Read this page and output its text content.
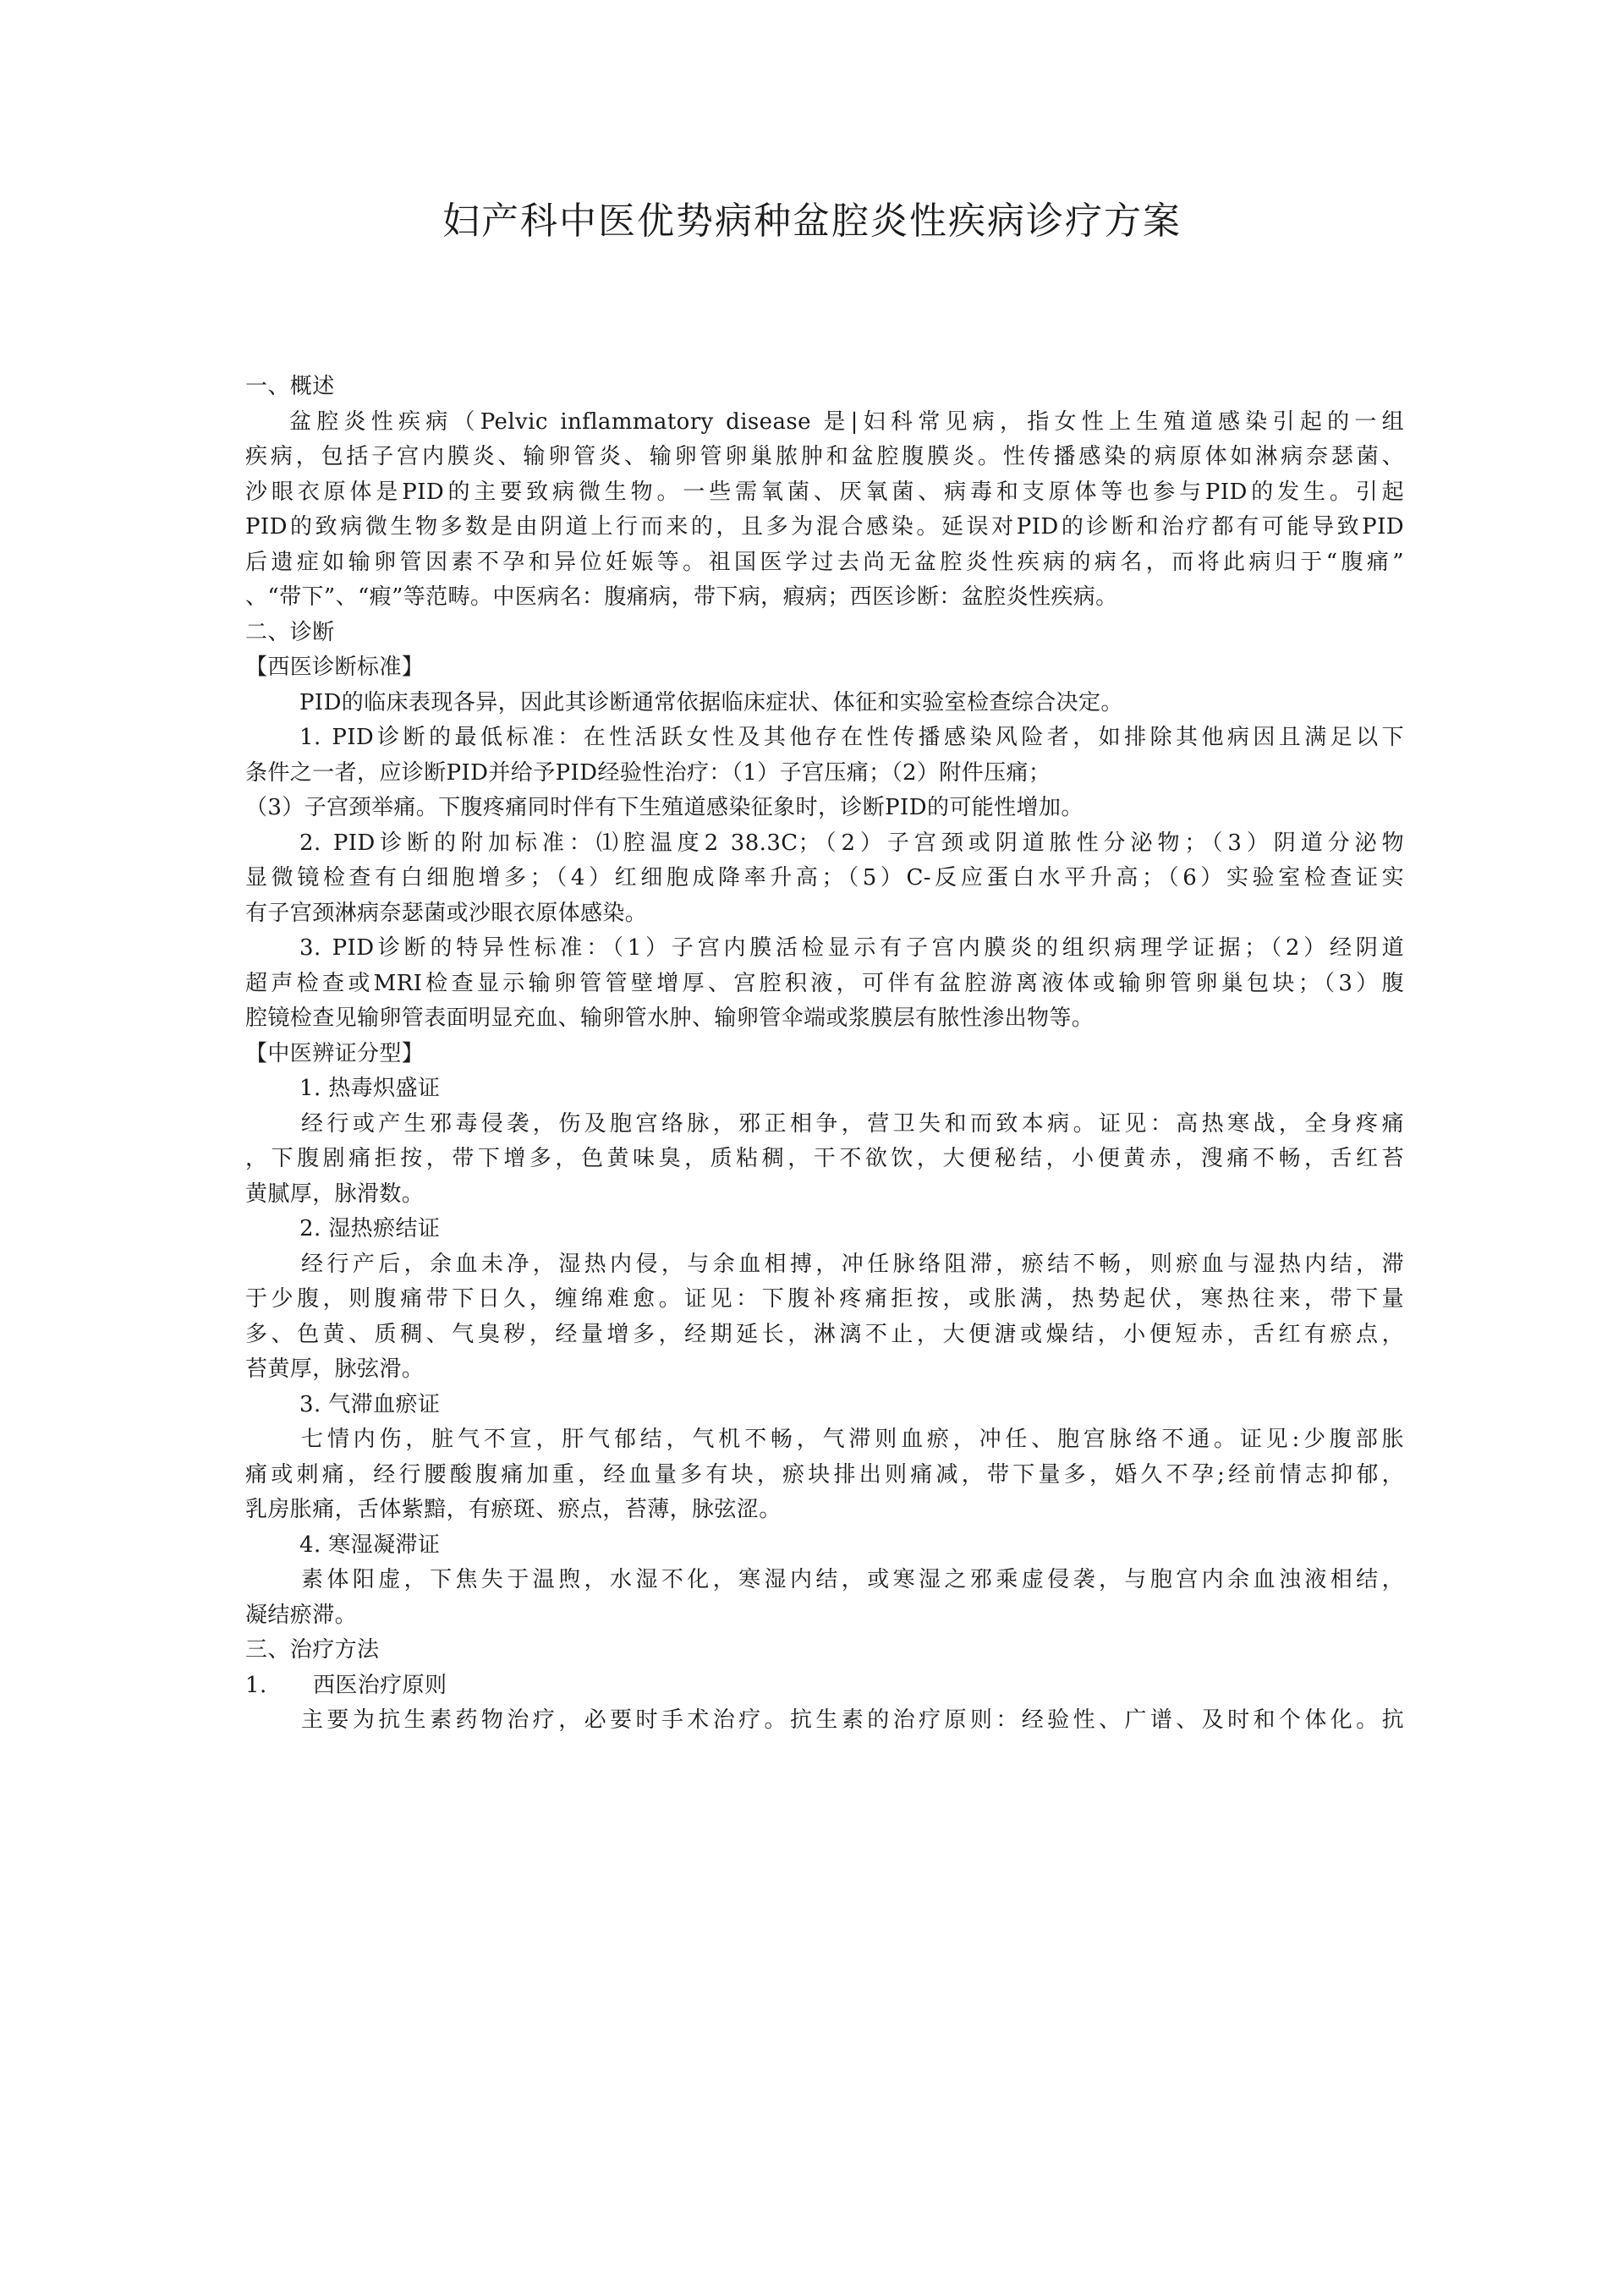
妇产科中医优势病种盆腔炎性疾病诊疗方案
一、概述
盆腔炎性疾病（Pelvic inflammatory disease 是|妇科常见病，指女性上生殖道感染引起的一组
疾病，包括子宫内膜炎、输卵管炎、输卵管卵巢脓肿和盆腔腹膜炎。性传播感染的病原体如淋病奈瑟菌、
沙眼衣原体是PID的主要致病微生物。一些需氧菌、厌氧菌、病毒和支原体等也参与PID的发生。引起
PID的致病微生物多数是由阴道上行而来的，且多为混合感染。延误对PID的诊断和治疗都有可能导致PID
后遗症如输卵管因素不孕和异位妊娠等。祖国医学过去尚无盆腔炎性疾病的病名，而将此病归于“腹痛”
、“带下”、“瘕”等范畴。中医病名：腹痛病，带下病，瘕病；西医诊断：盆腔炎性疾病。
二、诊断
【西医诊断标准】
PID的临床表现各异，因此其诊断通常依据临床症状、体征和实验室检查综合决定。
1. PID诊断的最低标准：在性活跃女性及其他存在性传播感染风险者，如排除其他病因且满足以下
条件之一者，应诊断PID并给予PID经验性治疗：（1）子宫压痛；（2）附件压痛；
（3）子宫颈举痛。下腹疼痛同时伴有下生殖道感染征象时，诊断PID的可能性增加。
2. PID诊断的附加标准：⑴腔温度2 38.3C；（2）子宫颈或阴道脓性分泌物；（3）阴道分泌物
显微镜检查有白细胞增多；（4）红细胞成降率升高；（5）C-反应蛋白水平升高；（6）实验室检查证实
有子宫颈淋病奈瑟菌或沙眼衣原体感染。
3. PID诊断的特异性标准：（1）子宫内膜活检显示有子宫内膜炎的组织病理学证据；（2）经阴道
超声检查或MRI检查显示输卵管管壁增厚、宫腔积液，可伴有盆腔游离液体或输卵管卵巢包块；（3）腹
腔镜检查见输卵管表面明显充血、输卵管水肿、输卵管伞端或浆膜层有脓性渗出物等。
【中医辨证分型】
1. 热毒炽盛证
经行或产生邪毒侵袭，伤及胞宫络脉，邪正相争，营卫失和而致本病。证见：高热寒战，全身疼痛
，下腹剧痛拒按，带下增多，色黄味臭，质粘稠，干不欲饮，大便秘结，小便黄赤，溲痛不畅，舌红苔
黄腻厚，脉滑数。
2. 湿热瘀结证
经行产后，余血未净，湿热内侵，与余血相搏，冲任脉络阻滞，瘀结不畅，则瘀血与湿热内结，滞
于少腹，则腹痛带下日久，缠绵难愈。证见：下腹补疼痛拒按，或胀满，热势起伏，寒热往来，带下量
多、色黄、质稠、气臭秽，经量增多，经期延长，淋漓不止，大便溏或燥结，小便短赤，舌红有瘀点，
苔黄厚，脉弦滑。
3. 气滞血瘀证
七情内伤，脏气不宣，肝气郁结，气机不畅，气滞则血瘀，冲任、胞宫脉络不通。证见:少腹部胀
痛或刺痛，经行腰酸腹痛加重，经血量多有块，瘀块排出则痛减，带下量多，婚久不孕;经前情志抑郁，
乳房胀痛，舌体紫黯，有瘀斑、瘀点，苔薄，脉弦涩。
4. 寒湿凝滞证
素体阳虚，下焦失于温煦，水湿不化，寒湿内结，或寒湿之邪乘虚侵袭，与胞宫内余血浊液相结，
凝结瘀滞。
三、治疗方法
1. 西医治疗原则
主要为抗生素药物治疗，必要时手术治疗。抗生素的治疗原则：经验性、广谱、及时和个体化。抗
